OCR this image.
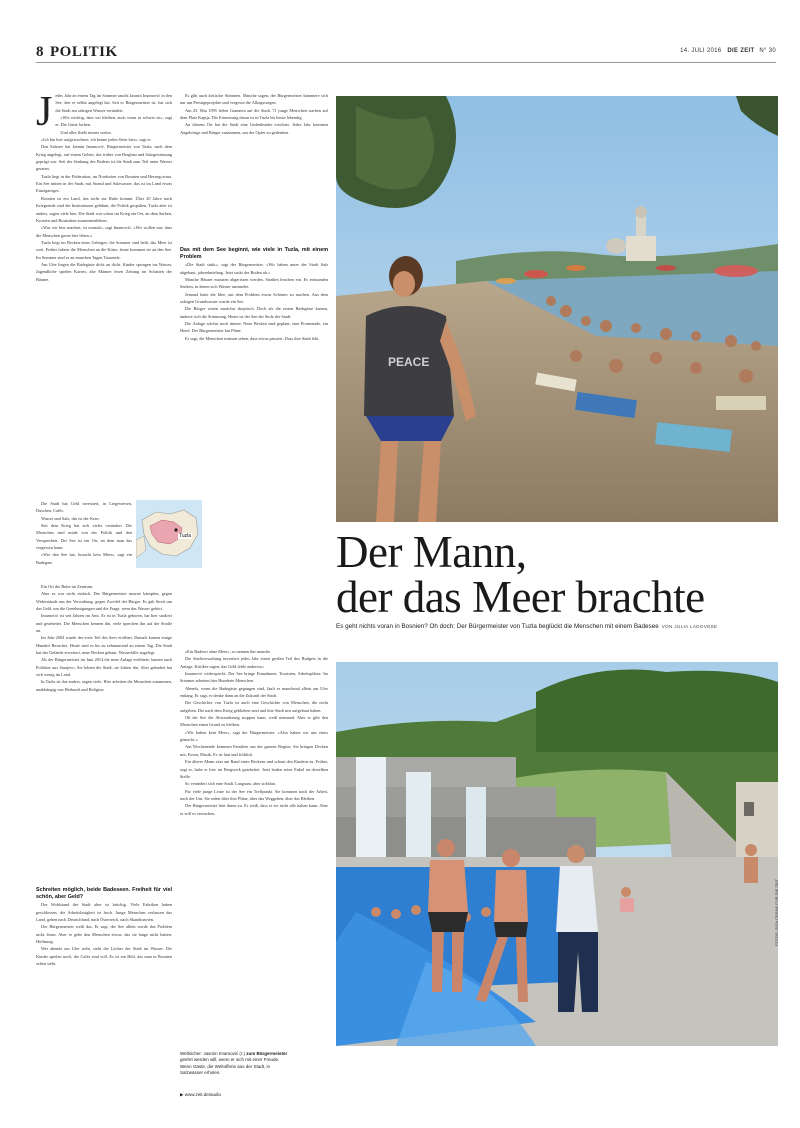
8 POLITIK	14. JULI 2016 DIE ZEIT N° 30

Jedes Jahr an einem Tag im Sommer taucht Jasmin Imamović in den See, den er selbst angelegt hat. Seit er Bürgermeister ist, hat sich die Stadt am salzigen Wasser verändert.

»Wie wichtig, dass wir bleiben, auch wenn es schwer ist«, sagt er. Die Gäste lachen.

Und alles fließt immer weiter.

»Ich bin hier aufgewachsen, ich kenne jeden Stein hier«, sagt er.

Den Salzsee hat Jasmin Imamović, Bürgermeister von Tuzla, nach dem Krieg angelegt, auf einem Gebiet, das früher von Bergbau und Salzgewinnung geprägt war. Seit der Senkung des Bodens ist die Stadt zum Teil unter Wasser geraten.

Tuzla liegt in der Föderation, im Nordosten von Bosnien und Herzegowina. Ein See mitten in der Stadt, mit Strand und Salzwasser, das ist im Land etwas Einzigartiges.

Bosnien ist ein Land, das nicht zur Ruhe kommt. Über 20 Jahre nach Kriegsende sind die Institutionen gelähmt, die Politik gespalten. Tuzla aber ist anders, sagen viele hier. Die Stadt war schon im Krieg ein Ort, an dem Serben, Kroaten und Bosniaken zusammenlebten.

»Was wir hier machen, ist normal«, sagt Imamović. »Wir wollen nur, dass die Menschen gerne hier leben.«

Tuzla liegt im Becken eines Gebirges, die Sommer sind heiß, das Meer ist weit. Früher fuhren die Menschen an die Küste, heute kommen sie an den See. Im Sommer sind es an manchen Tagen Tausende.

Am Ufer liegen die Badegäste dicht an dicht. Kinder springen ins Wasser, Jugendliche spielen Karten, alte Männer lesen Zeitung im Schatten der Bäume.

Die Stadt hat Geld investiert, in Liegewiesen, Duschen, Cafés.

Wasser und Salz, das ist der Kern.

Seit dem Krieg hat sich vieles verändert. Die Menschen sind müde von der Politik und den Versprechen. Der See ist ein Ort, an dem man das vergessen kann.

»Wer den See hat, braucht kein Meer«, sagt ein Badegast.

Ein Ort der Ruhe im Zentrum.

Aber es war nicht einfach. Der Bürgermeister musste kämpfen, gegen Widerstände aus der Verwaltung, gegen Zweifel der Bürger. Es gab Streit um das Geld, um die Genehmigungen und die Frage, wem das Wasser gehört.

Imamović ist seit Jahren im Amt. Er ist in Tuzla geboren, hat hier studiert und gearbeitet. Die Menschen kennen ihn, viele sprechen ihn auf der Straße an.

Im Jahr 2004 wurde der erste Teil des Sees eröffnet. Damals kamen einige Hundert Besucher. Heute sind es bis zu zehntausend an einem Tag. Die Stadt hat das Gelände erweitert, neue Becken gebaut, Wasserfälle angelegt.

Als der Bürgermeister im Juni 2014 die neue Anlage eröffnete, kamen auch Politiker aus Sarajevo. Sie lobten die Stadt, sie lobten ihn. Aber geändert hat sich wenig im Land.

In Tuzla ist das anders, sagen viele. Hier arbeiten die Menschen zusammen, unabhängig von Herkunft und Religion.

Schreiten möglich, beide Badeseen. Freiheit für viel schön, aber Geld?

Der Wohlstand der Stadt aber ist brüchig. Viele Fabriken haben geschlossen, die Arbeitslosigkeit ist hoch. Junge Menschen verlassen das Land, gehen nach Deutschland, nach Österreich, nach Skandinavien.

Der Bürgermeister weiß das. Er sagt, der See allein werde das Problem nicht lösen. Aber er gebe den Menschen etwas, das sie lange nicht hatten: Hoffnung.

Wer abends am Ufer steht, sieht die Lichter der Stadt im Wasser. Die Kinder spielen noch, die Cafés sind voll. Es ist ein Bild, das man in Bosnien selten sieht.

Tuzla

Es gibt auch kritische Stimmen. Manche sagen, der Bürgermeister kümmere sich nur um Prestigeprojekte und vergesse die Alltagssorgen.

Am 25. Mai 1995 fielen Granaten auf die Stadt. 71 junge Menschen starben auf dem Platz Kapija. Die Erinnerung daran ist in Tuzla bis heute lebendig.

An diesem Ort hat die Stadt eine Gedenkstätte errichtet. Jedes Jahr kommen Angehörige und Bürger zusammen, um der Opfer zu gedenken.

Das mit dem See beginnt, wie viele in Tuzla, mit einem Problem

»Die Stadt sinkt«, sagt der Bürgermeister. »Wir haben unter der Stadt Salz abgebaut, jahrzehntelang. Jetzt sackt der Boden ab.«

Manche Häuser mussten abgerissen werden. Straßen brachen ein. Es entstanden Senken, in denen sich Wasser sammelte.

Jemand hatte die Idee, aus dem Problem etwas Schönes zu machen. Aus dem salzigen Grundwasser wurde ein See.

Die Bürger waren zunächst skeptisch. Doch als die ersten Badegäste kamen, änderte sich die Stimmung. Heute ist der See der Stolz der Stadt.

Die Anlage wächst noch immer. Neue Becken sind geplant, eine Promenade, ein Hotel. Der Bürgermeister hat Pläne.

Er sagt, die Menschen müssen sehen, dass etwas passiert. Dass ihre Stadt lebt.

»Ein Badeort ohne Meer«, so nennen ihn manche.

Die Stadtverwaltung investiert jedes Jahr einen großen Teil des Budgets in die Anlage. Kritiker sagen, das Geld fehle anderswo.

Imamović widerspricht. Der See bringe Einnahmen, Touristen, Arbeitsplätze. Im Sommer arbeiten hier Hunderte Menschen.

Abends, wenn die Badegäste gegangen sind, läuft er manchmal allein am Ufer entlang. Er sagt, er denke dann an die Zukunft der Stadt.

Die Geschichte von Tuzla ist auch eine Geschichte von Menschen, die nicht aufgeben. Die nach dem Krieg geblieben sind und ihre Stadt neu aufgebaut haben.

Ob der See die Abwanderung stoppen kann, weiß niemand. Aber er gibt den Menschen einen Grund zu bleiben.

»Wir haben kein Meer«, sagt der Bürgermeister. »Also haben wir uns eines gemacht.«

Am Wochenende kommen Familien aus der ganzen Region. Sie bringen Decken mit, Essen, Musik. Es ist laut und fröhlich.

Ein älterer Mann sitzt am Rand eines Beckens und schaut den Kindern zu. Früher, sagt er, habe er hier im Bergwerk gearbeitet. Jetzt baden seine Enkel an derselben Stelle.

So verändert sich eine Stadt. Langsam, aber sichtbar.

Für viele junge Leute ist der See ein Treffpunkt. Sie kommen nach der Arbeit, nach der Uni. Sie reden über ihre Pläne, über das Weggehen, über das Bleiben.

Der Bürgermeister hört ihnen zu. Er weiß, dass er sie nicht alle halten kann. Aber er will es versuchen.

PEACE
Der Mann,
der das Meer brachte
Es geht nichts voran in Bosnien? Oh doch: Der Bürgermeister von Tuzla beglückt die Menschen mit einem Badesee VON JULIA LADOVESE
FOTOS: ZIGA CERNE FÜR DIE ZEIT
Weltsicher: Jasmin Imamović (r.) zum Bürgermeister geehrt werden will, wenn er sich mit einer Freude. Wenn Gäste, die Weltoffene aus der Stadt, in Salzwasser erholen.
▶ www.zeit.de/audio
